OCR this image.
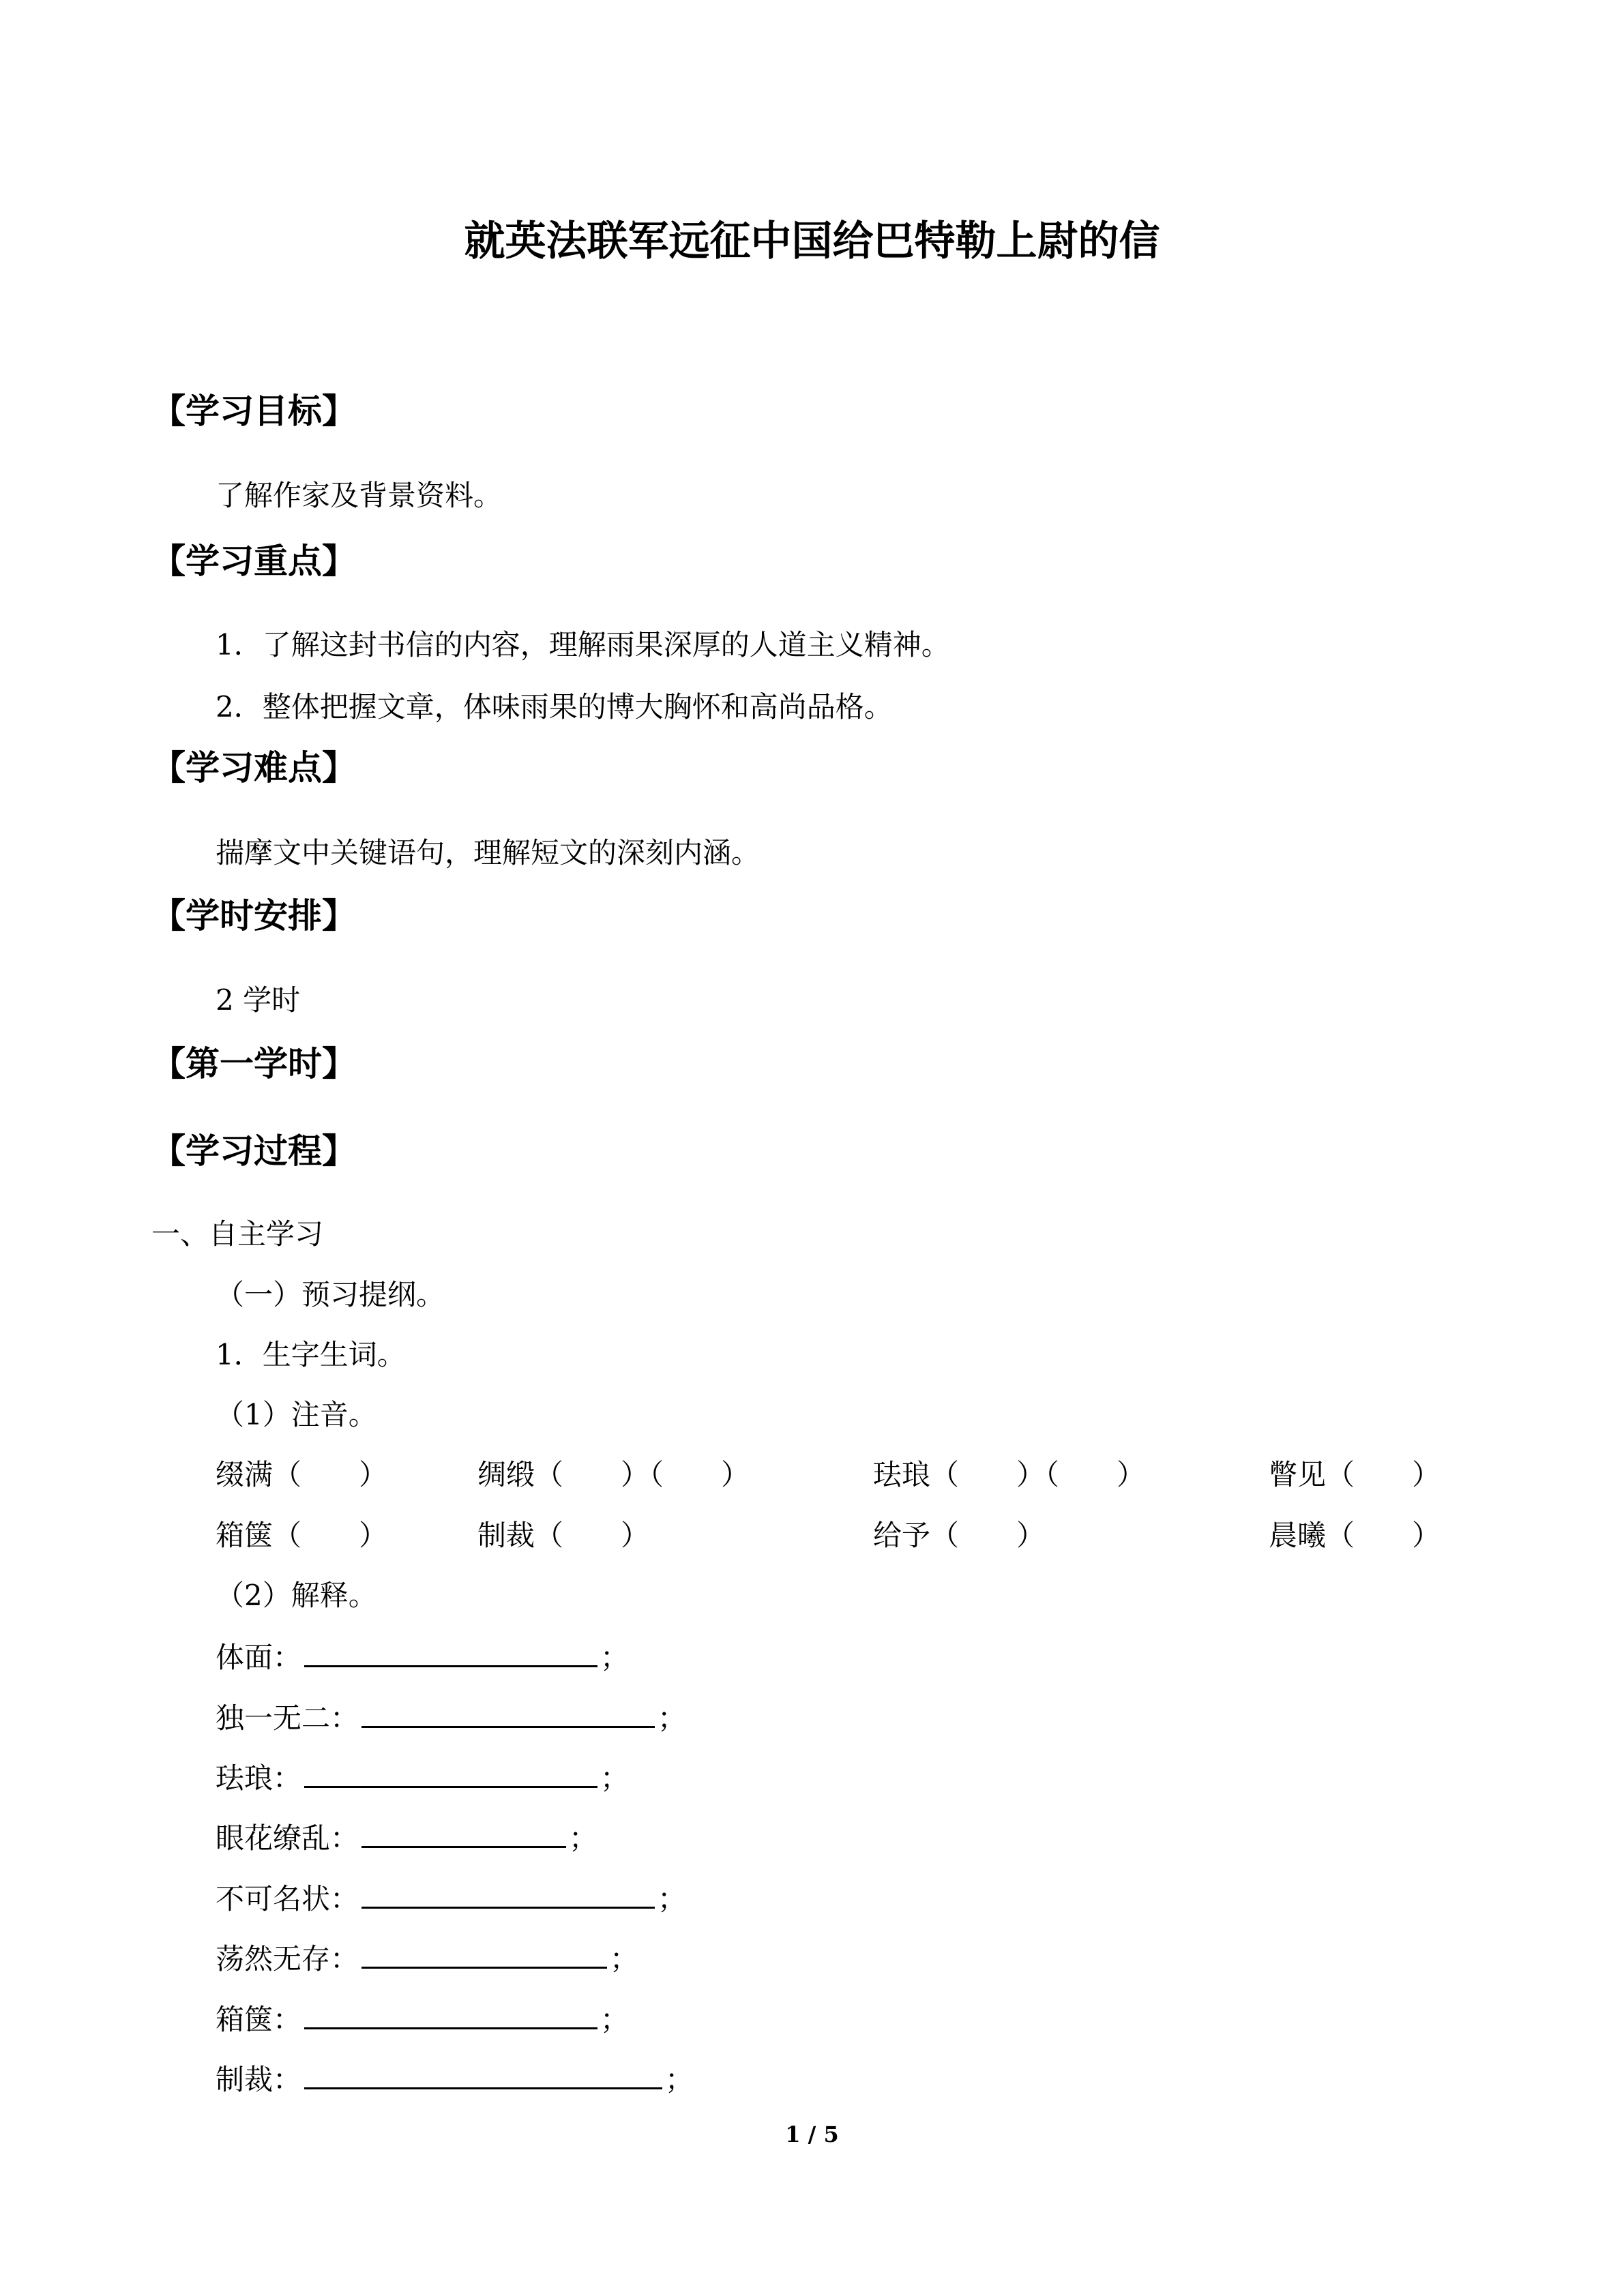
就英法联军远征中国给巴特勒上尉的信
【学习目标】
了解作家及背景资料。
【学习重点】
1．了解这封书信的内容，理解雨果深厚的人道主义精神。
2．整体把握文章，体味雨果的博大胸怀和高尚品格。
【学习难点】
揣摩文中关键语句，理解短文的深刻内涵。
【学时安排】
2 学时
【第一学时】
【学习过程】
一、自主学习
（一）预习提纲。
1．生字生词。
（1）注音。
缀满（　　）	绸缎（　　）（　　）	珐琅（　　）（　　）	瞥见（　　）
箱箧（　　）	制裁（　　）	给予（　　）	晨曦（　　）
（2）解释。
体面：	；
独一无二：	；
珐琅：	；
眼花缭乱：	；
不可名状：	；
荡然无存：	；
箱箧：	；
制裁：	；
1 / 5
